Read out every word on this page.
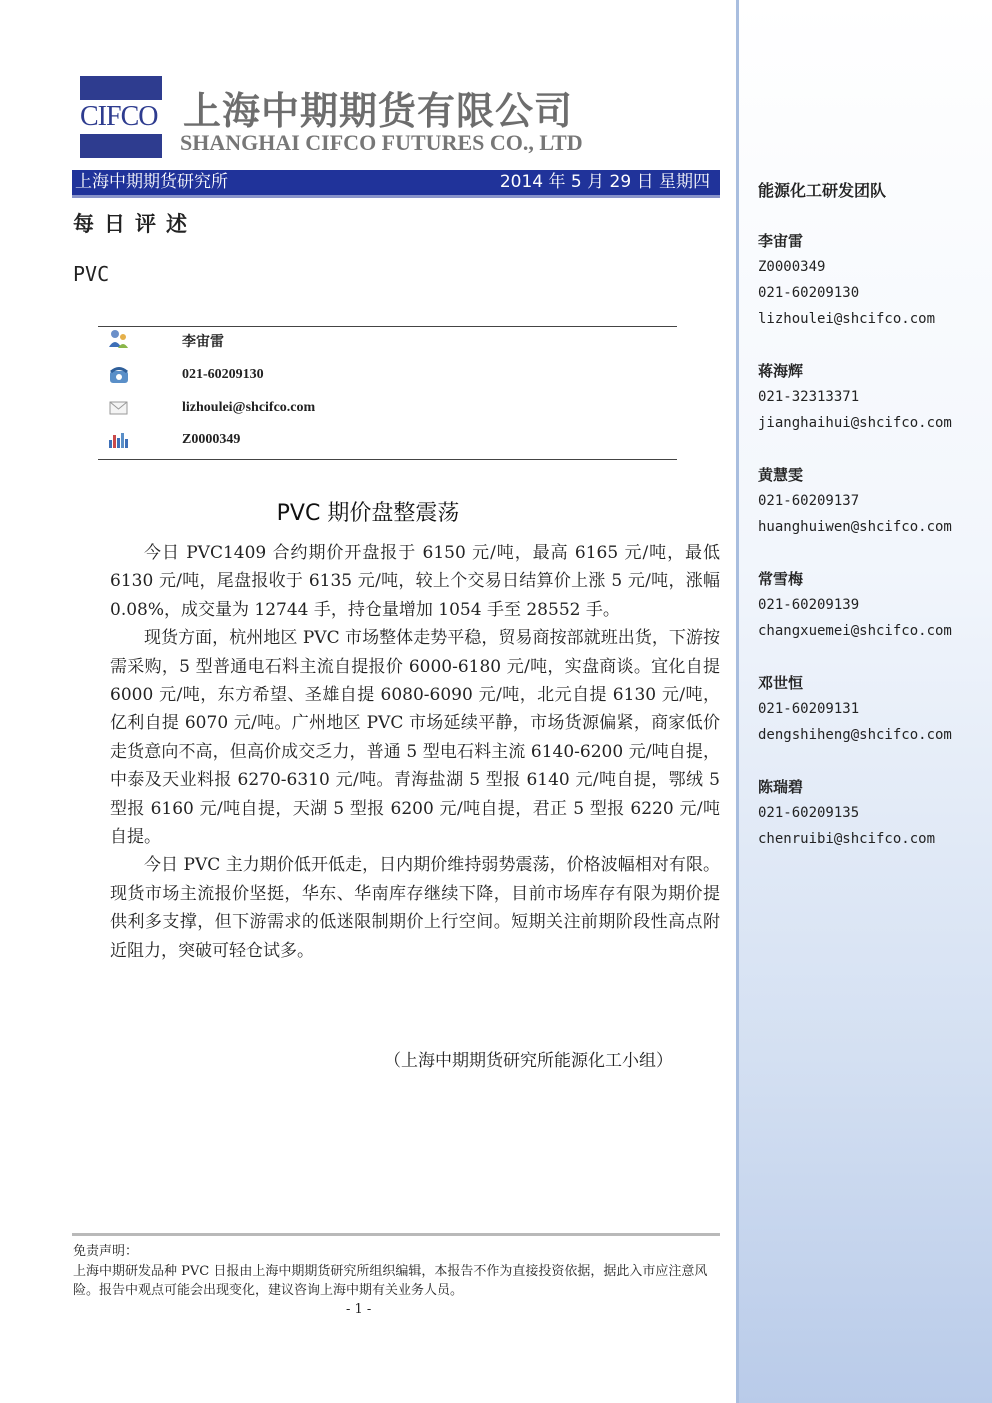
CIFCO 上海中期期货有限公司
SHANGHAI CIFCO FUTURES CO., LTD
上海中期期货研究所	2014 年 5 月 29 日 星期四
每日评述
PVC
李宙雷
021-60209130
lizhoulei@shcifco.com
Z0000349
PVC 期价盘整震荡

今日 PVC1409 合约期价开盘报于 6150 元/吨，最高 6165 元/吨，最低 6130 元/吨，尾盘报收于 6135 元/吨，较上个交易日结算价上涨 5 元/吨，涨幅 0.08%，成交量为 12744 手，持仓量增加 1054 手至 28552 手。

现货方面，杭州地区 PVC 市场整体走势平稳，贸易商按部就班出货，下游按需采购，5 型普通电石料主流自提报价 6000-6180 元/吨，实盘商谈。宜化自提 6000 元/吨，东方希望、圣雄自提 6080-6090 元/吨，北元自提 6130 元/吨，亿利自提 6070 元/吨。广州地区 PVC 市场延续平静，市场货源偏紧，商家低价走货意向不高，但高价成交乏力，普通 5 型电石料主流 6140-6200 元/吨自提，中泰及天业料报 6270-6310 元/吨。青海盐湖 5 型报 6140 元/吨自提，鄂绒 5 型报 6160 元/吨自提，天湖 5 型报 6200 元/吨自提，君正 5 型报 6220 元/吨自提。

今日 PVC 主力期价低开低走，日内期价维持弱势震荡，价格波幅相对有限。现货市场主流报价坚挺，华东、华南库存继续下降，目前市场库存有限为期价提供利多支撑，但下游需求的低迷限制期价上行空间。短期关注前期阶段性高点附近阻力，突破可轻仓试多。

（上海中期期货研究所能源化工小组）
免责声明：
上海中期研发品种 PVC 日报由上海中期期货研究所组织编辑，本报告不作为直接投资依据，据此入市应注意风险。报告中观点可能会出现变化，建议咨询上海中期有关业务人员。
- 1 -
能源化工研发团队
李宙雷
Z0000349
021-60209130
lizhoulei@shcifco.com
蒋海辉
021-32313371
jianghaihui@shcifco.com
黄慧雯
021-60209137
huanghuiwen@shcifco.com
常雪梅
021-60209139
changxuemei@shcifco.com
邓世恒
021-60209131
dengshiheng@shcifco.com
陈瑞碧
021-60209135
chenruibi@shcifco.com
